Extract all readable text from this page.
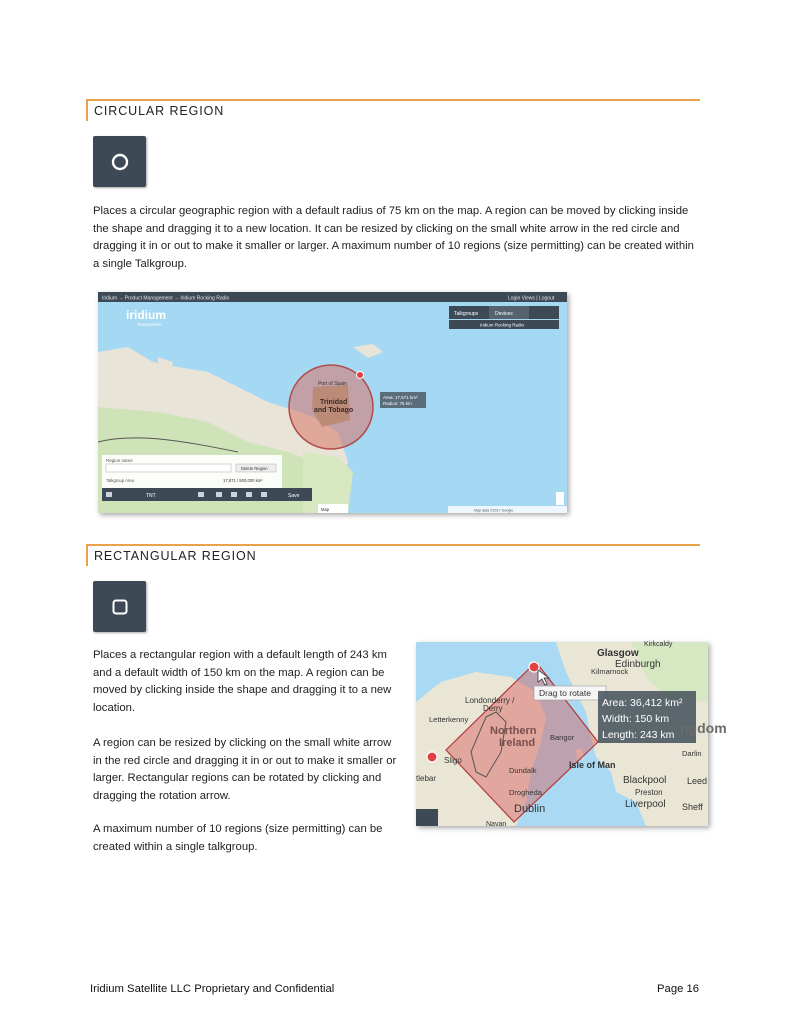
CIRCULAR REGION
Places a circular geographic region with a default radius of 75 km on the map. A region can be moved by clicking inside the shape and dragging it to a new location. It can be resized by clicking on the small white arrow in the red circle and dragging it in or out to make it smaller or larger. A maximum number of 10 regions (size permitting) can be created within a single Talkgroup.
Iridium → Product Management → Iridium Rocking Radio	Login Views | Logout
iridium
Everywhere
Talkgroups	Devices
Iridium Rocking Radio
Port of Spain
Trinidad
and Tobago
Area: 17,671 km²
Radius: 75 km
Region name
Delete Region
Talkgroup Area	17,671 / 500,000 km²
TNT	Save
Map	Map data ©2017 Google
RECTANGULAR REGION
Places a rectangular region with a default length of 243 km and a default width of 150 km on the map. A region can be moved by clicking inside the shape and dragging it to a new location.
A region can be resized by clicking on the small white arrow in the red circle and dragging it in or out to make it smaller or larger. Rectangular regions can be rotated by clicking and dragging the rotation arrow.
A maximum number of 10 regions (size permitting) can be created within a single talkgroup.
Drag to rotate
Area: 36,412 km²
Width: 150 km
Length: 243 km
Kirkcaldy
Glasgow
Edinburgh
Kilmarnock
Londonderry /
Derry
Letterkenny
Northern
Ireland Bangor
Isle of Man
Sligo
tlebar
Dundalk
Drogheda
Dublin
Navan
Blackpool
Preston
Leed
Liverpool Sheff
Darlin
ngdom
Iridium Satellite LLC Proprietary and Confidential	Page 16
